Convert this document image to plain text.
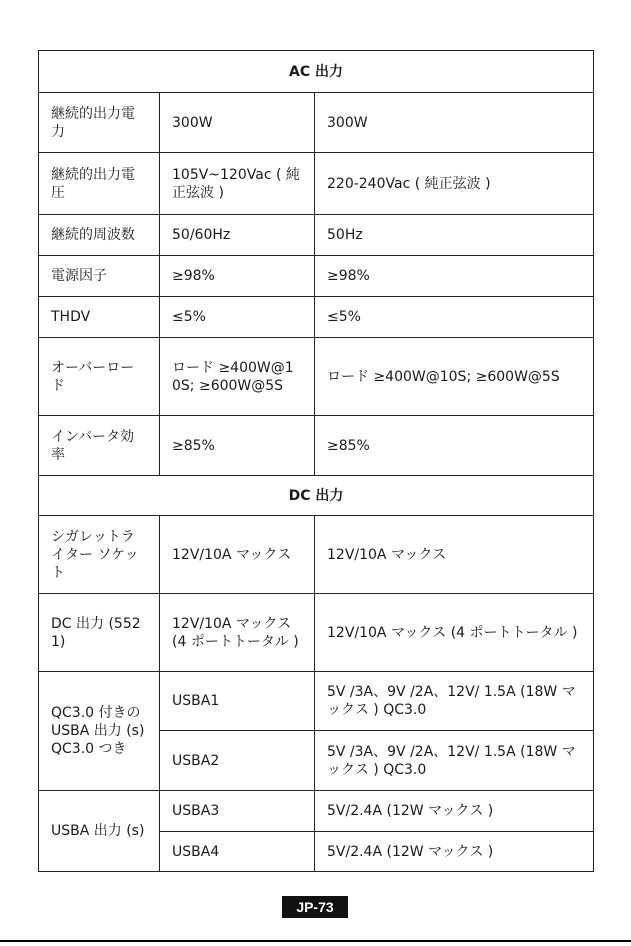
AC 出力		
継続的出力電力	300W	300W
継続的出力電圧	105V~120Vac ( 純正弦波 )	220-240Vac ( 純正弦波 )
継続的周波数	50/60Hz	50Hz
電源因子	≥98%	≥98%
THDV	≤5%	≤5%
オーバーロード	ロード ≥400W@10S; ≥600W@5S	ロード ≥400W@10S; ≥600W@5S
インバータ効率	≥85%	≥85%
DC 出力		
シガレットライター ソケット	12V/10A マックス	12V/10A マックス
DC 出力 (5521)	12V/10A マックス (4 ポートトータル )	12V/10A マックス (4 ポートトータル )
QC3.0 付きの USBA 出力 (s) QC3.0 つき	USBA1	5V /3A、9V /2A、12V/ 1.5A (18W マックス ) QC3.0
	USBA2	5V /3A、9V /2A、12V/ 1.5A (18W マックス ) QC3.0
USBA 出力 (s)	USBA3	5V/2.4A (12W マックス )
	USBA4	5V/2.4A (12W マックス )
JP-73
